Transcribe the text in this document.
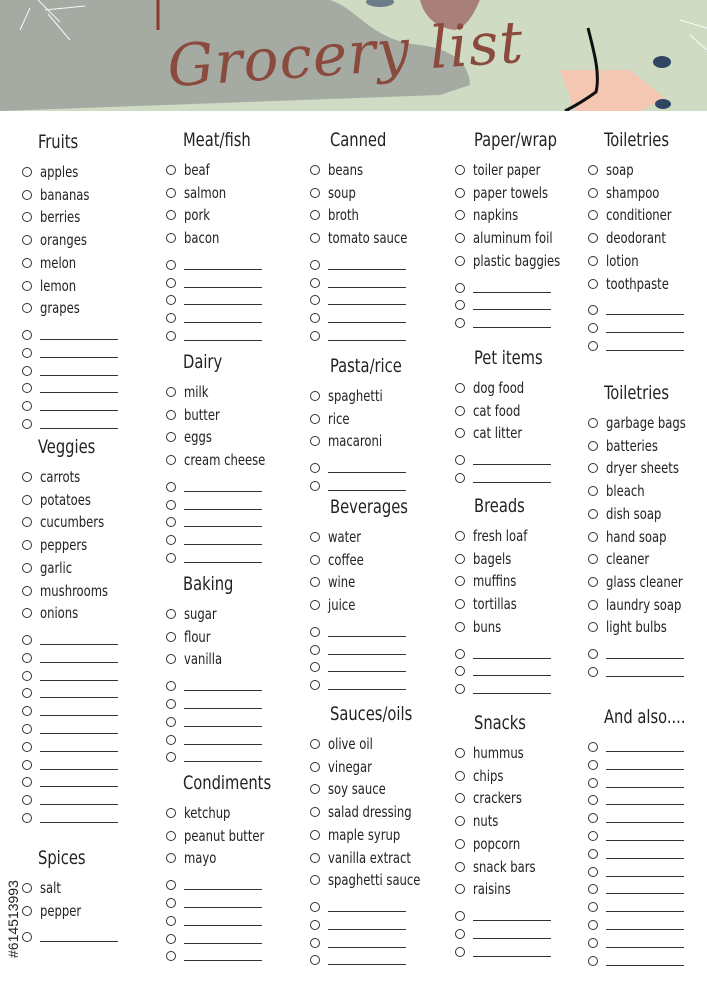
Grocery list
Fruits
apples
bananas
berries
oranges
melon
lemon
grapes
Veggies
carrots
potatoes
cucumbers
peppers
garlic
mushrooms
onions
Spices
salt
pepper
Meat/fish
beaf
salmon
pork
bacon
Dairy
milk
butter
eggs
cream cheese
Baking
sugar
flour
vanilla
Condiments
ketchup
peanut butter
mayo
Canned
beans
soup
broth
tomato sauce
Pasta/rice
spaghetti
rice
macaroni
Beverages
water
coffee
wine
juice
Sauces/oils
olive oil
vinegar
soy sauce
salad dressing
maple syrup
vanilla extract
spaghetti sauce
Paper/wrap
toiler paper
paper towels
napkins
aluminum foil
plastic baggies
Pet items
dog food
cat food
cat litter
Breads
fresh loaf
bagels
muffins
tortillas
buns
Snacks
hummus
chips
crackers
nuts
popcorn
snack bars
raisins
Toiletries
soap
shampoo
conditioner
deodorant
lotion
toothpaste
Toiletries
garbage bags
batteries
dryer sheets
bleach
dish soap
hand soap
cleaner
glass cleaner
laundry soap
light bulbs
And also....
#614513993
